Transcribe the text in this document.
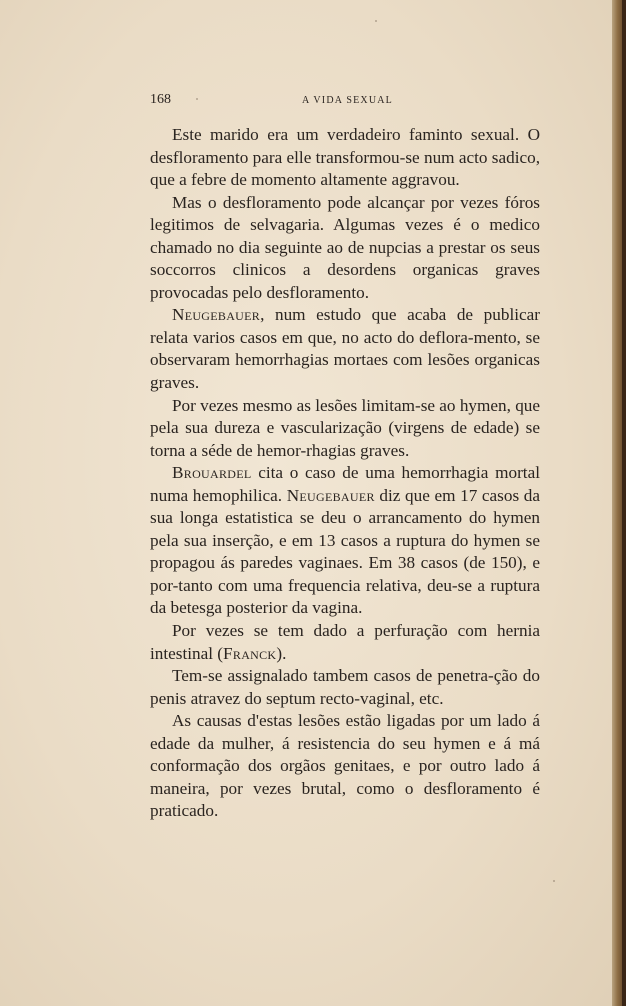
168	A VIDA SEXUAL

Este marido era um verdadeiro faminto sexual. O desfloramento para elle transformou-se num acto sadico, que a febre de momento altamente aggravou.

Mas o desfloramento pode alcançar por vezes fóros legitimos de selvagaria. Algumas vezes é o medico chamado no dia seguinte ao de nupcias a prestar os seus soccorros clinicos a desordens organicas graves provocadas pelo desfloramento.

Neugebauer, num estudo que acaba de publicar relata varios casos em que, no acto do deflora-mento, se observaram hemorrhagias mortaes com lesões organicas graves.

Por vezes mesmo as lesões limitam-se ao hymen, que pela sua dureza e vascularização (virgens de edade) se torna a séde de hemor-rhagias graves.

Brouardel cita o caso de uma hemorrhagia mortal numa hemophilica. Neugebauer diz que em 17 casos da sua longa estatistica se deu o arrancamento do hymen pela sua inserção, e em 13 casos a ruptura do hymen se propagou ás paredes vaginaes. Em 38 casos (de 150), e por-tanto com uma frequencia relativa, deu-se a ruptura da betesga posterior da vagina.

Por vezes se tem dado a perfuração com hernia intestinal (Franck).

Tem-se assignalado tambem casos de penetra-ção do penis atravez do septum recto-vaginal, etc.

As causas d'estas lesões estão ligadas por um lado á edade da mulher, á resistencia do seu hymen e á má conformação dos orgãos genitaes, e por outro lado á maneira, por vezes brutal, como o desfloramento é praticado.
